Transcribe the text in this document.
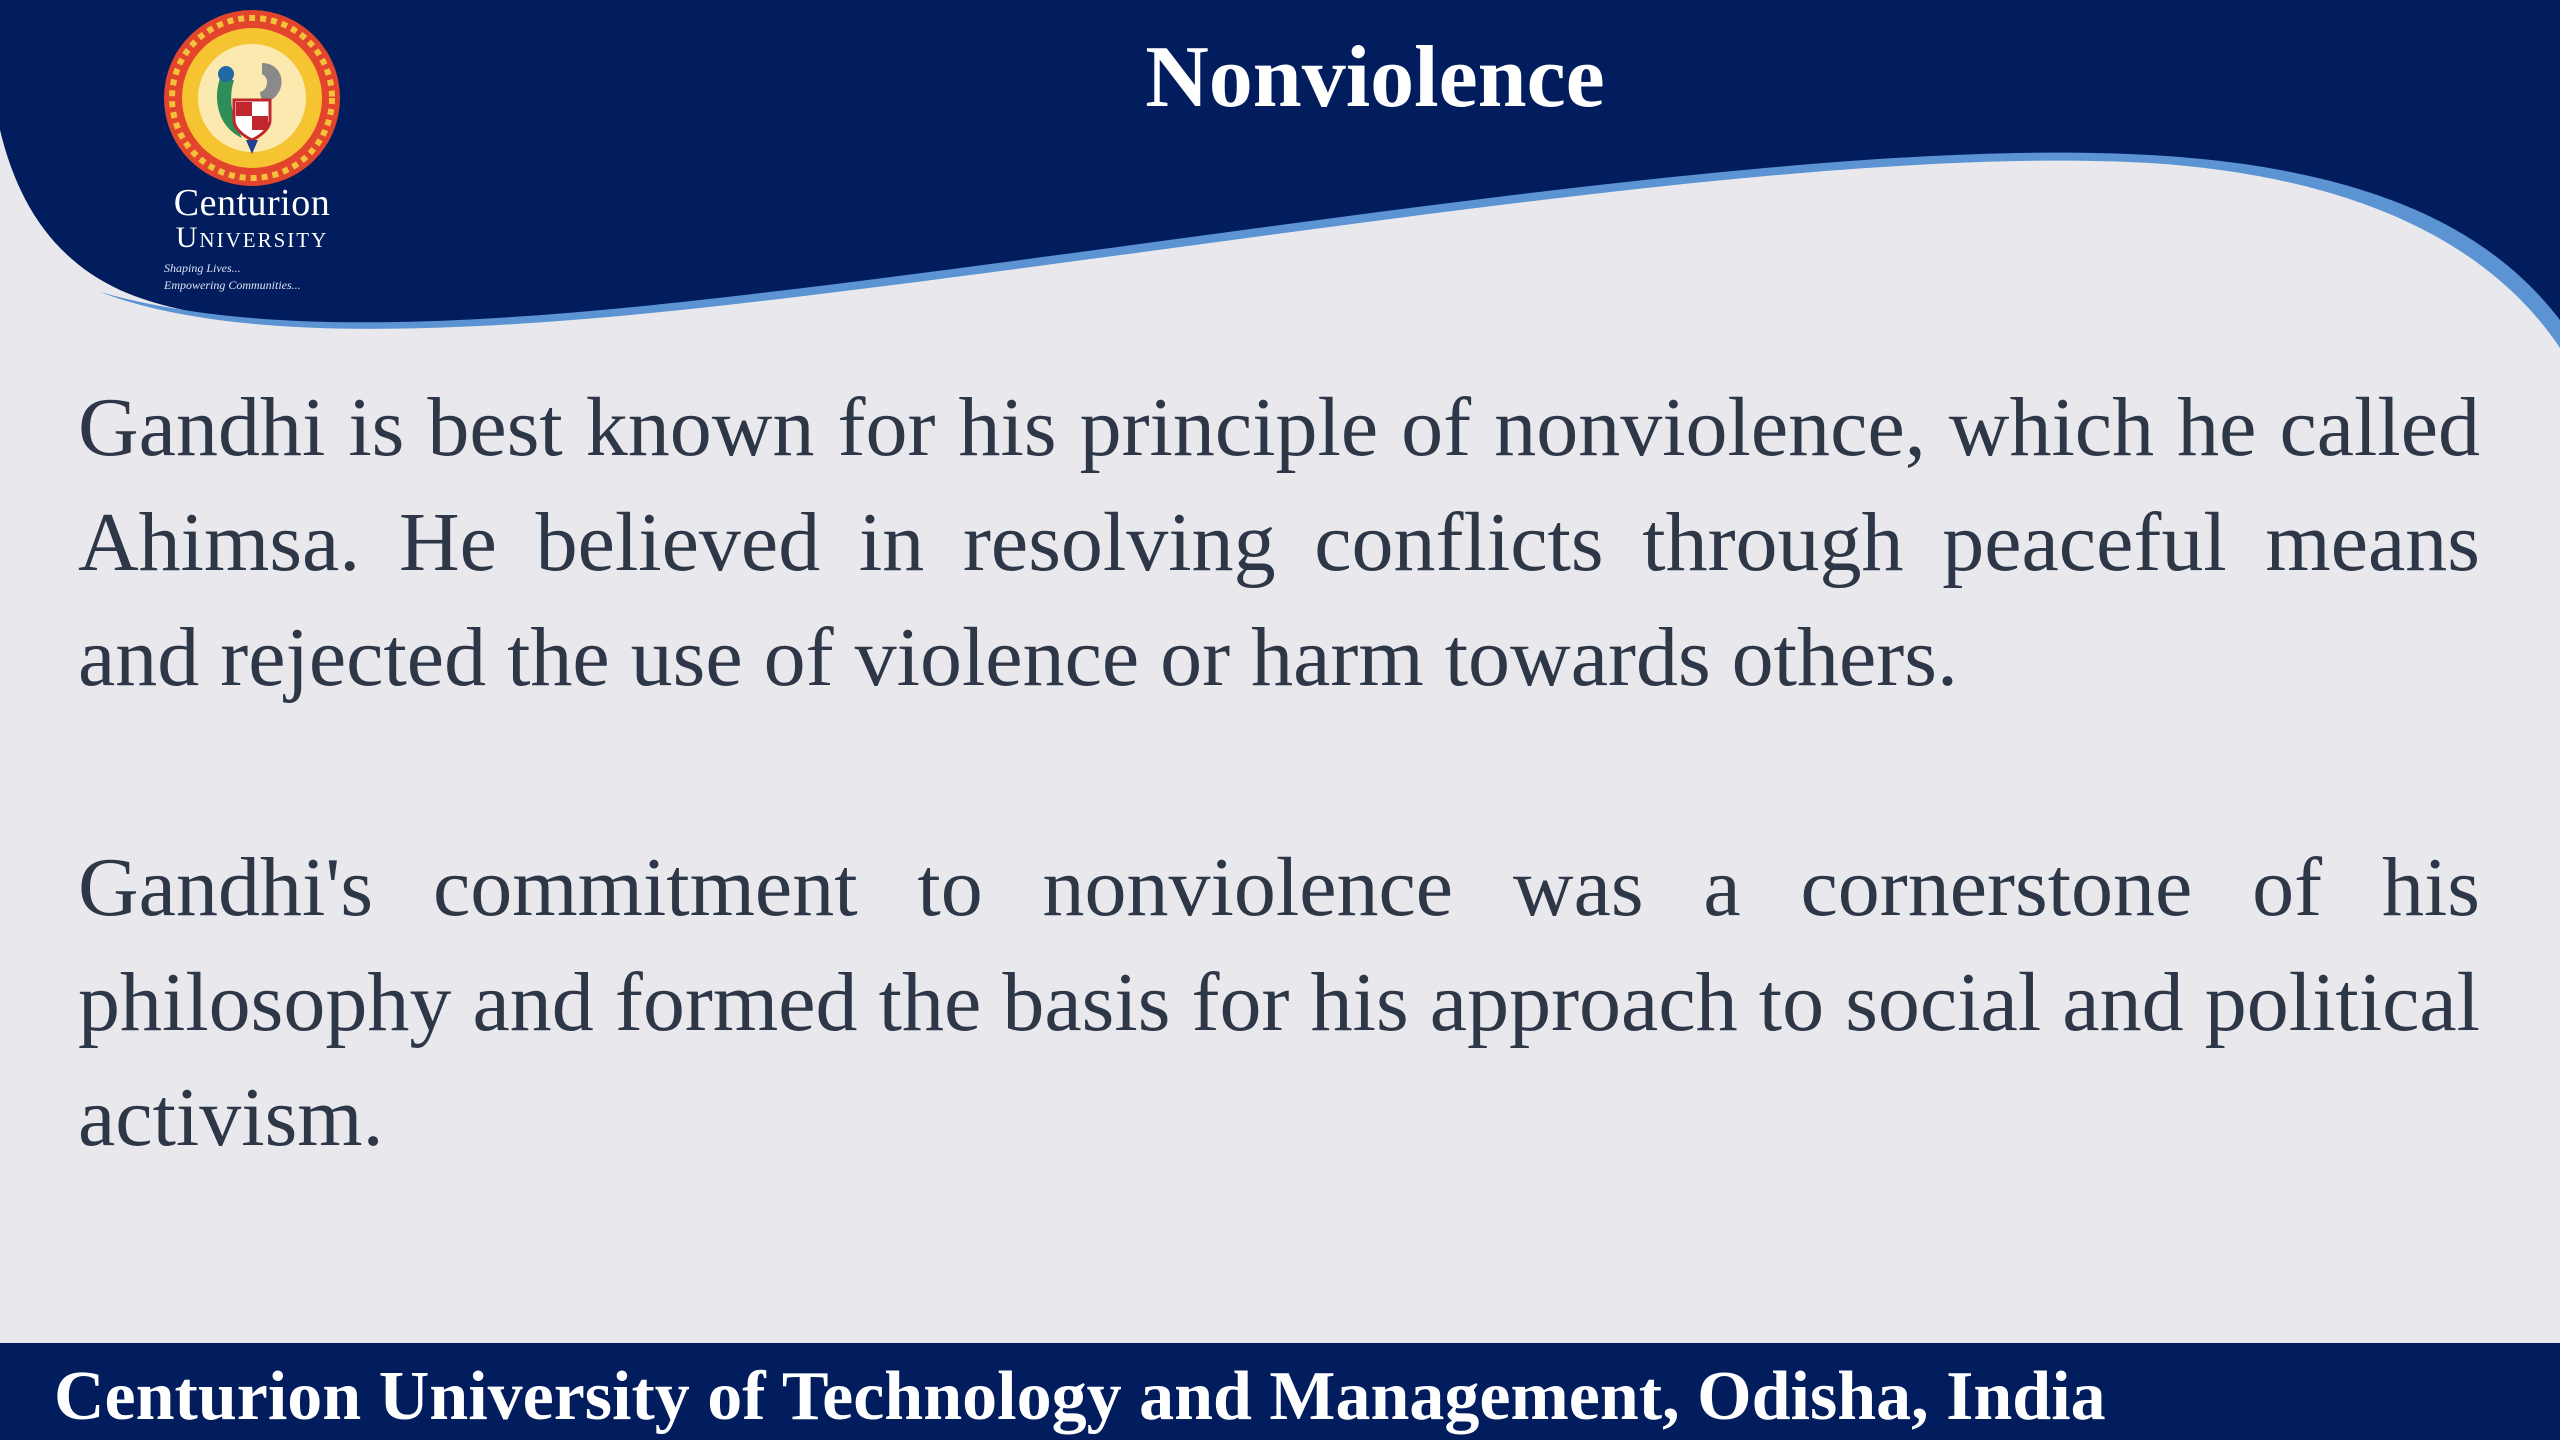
Centurion
University
Shaping Lives...
Empowering Communities...
Nonviolence

Gandhi is best known for his principle of nonviolence, which he called Ahimsa. He believed in resolving conflicts through peaceful means and rejected the use of violence or harm towards others.

Gandhi's commitment to nonviolence was a cornerstone of his philosophy and formed the basis for his approach to social and political activism.

Centurion University of Technology and Management, Odisha, India
